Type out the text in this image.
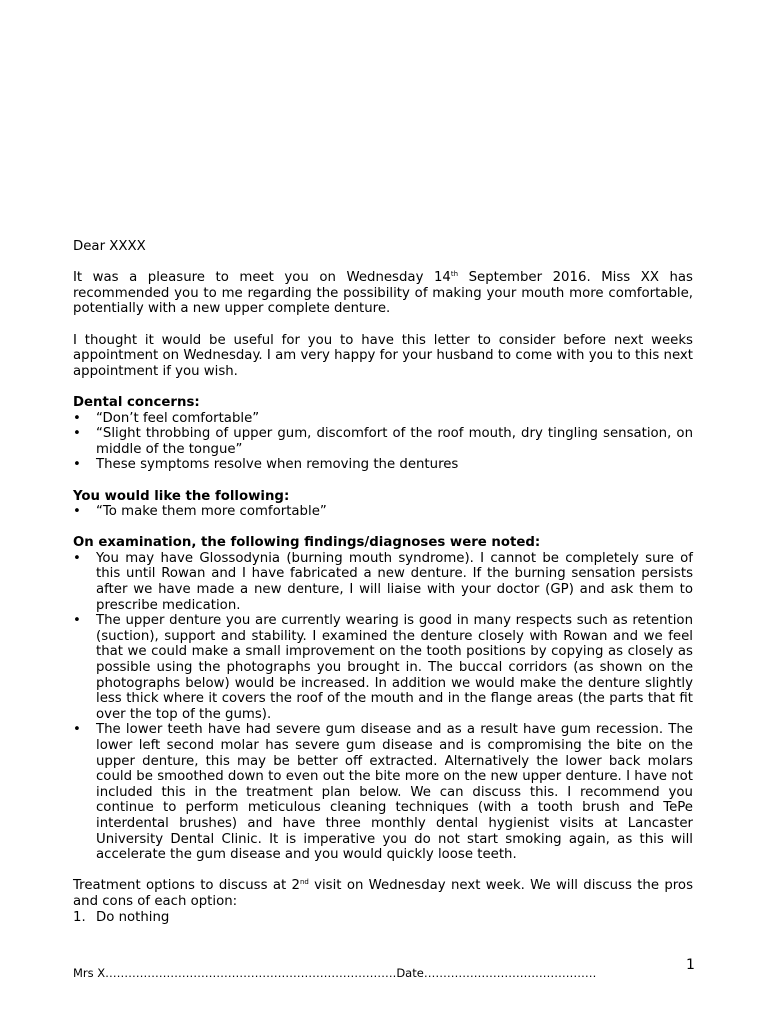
Dear XXXX

It was a pleasure to meet you on Wednesday 14th September 2016. Miss XX has recommended you to me regarding the possibility of making your mouth more comfortable, potentially with a new upper complete denture.

I thought it would be useful for you to have this letter to consider before next weeks appointment on Wednesday. I am very happy for your husband to come with you to this next appointment if you wish.

Dental concerns:

• “Don’t feel comfortable”
• “Slight throbbing of upper gum, discomfort of the roof mouth, dry tingling sensation, on middle of the tongue”
• These symptoms resolve when removing the dentures

You would like the following:

• “To make them more comfortable”

On examination, the following findings/diagnoses were noted:

• You may have Glossodynia (burning mouth syndrome). I cannot be completely sure of this until Rowan and I have fabricated a new denture. If the burning sensation persists after we have made a new denture, I will liaise with your doctor (GP) and ask them to prescribe medication.
• The upper denture you are currently wearing is good in many respects such as retention (suction), support and stability. I examined the denture closely with Rowan and we feel that we could make a small improvement on the tooth positions by copying as closely as possible using the photographs you brought in. The buccal corridors (as shown on the photographs below) would be increased. In addition we would make the denture slightly less thick where it covers the roof of the mouth and in the flange areas (the parts that fit over the top of the gums).
• The lower teeth have had severe gum disease and as a result have gum recession. The lower left second molar has severe gum disease and is compromising the bite on the upper denture, this may be better off extracted. Alternatively the lower back molars could be smoothed down to even out the bite more on the new upper denture. I have not included this in the treatment plan below. We can discuss this. I recommend you continue to perform meticulous cleaning techniques (with a tooth brush and TePe interdental brushes) and have three monthly dental hygienist visits at Lancaster University Dental Clinic. It is imperative you do not start smoking again, as this will accelerate the gum disease and you would quickly loose teeth.

Treatment options to discuss at 2nd visit on Wednesday next week. We will discuss the pros and cons of each option:

1. Do nothing
Mrs X………………………………………………………………….Date………………………………………	1
